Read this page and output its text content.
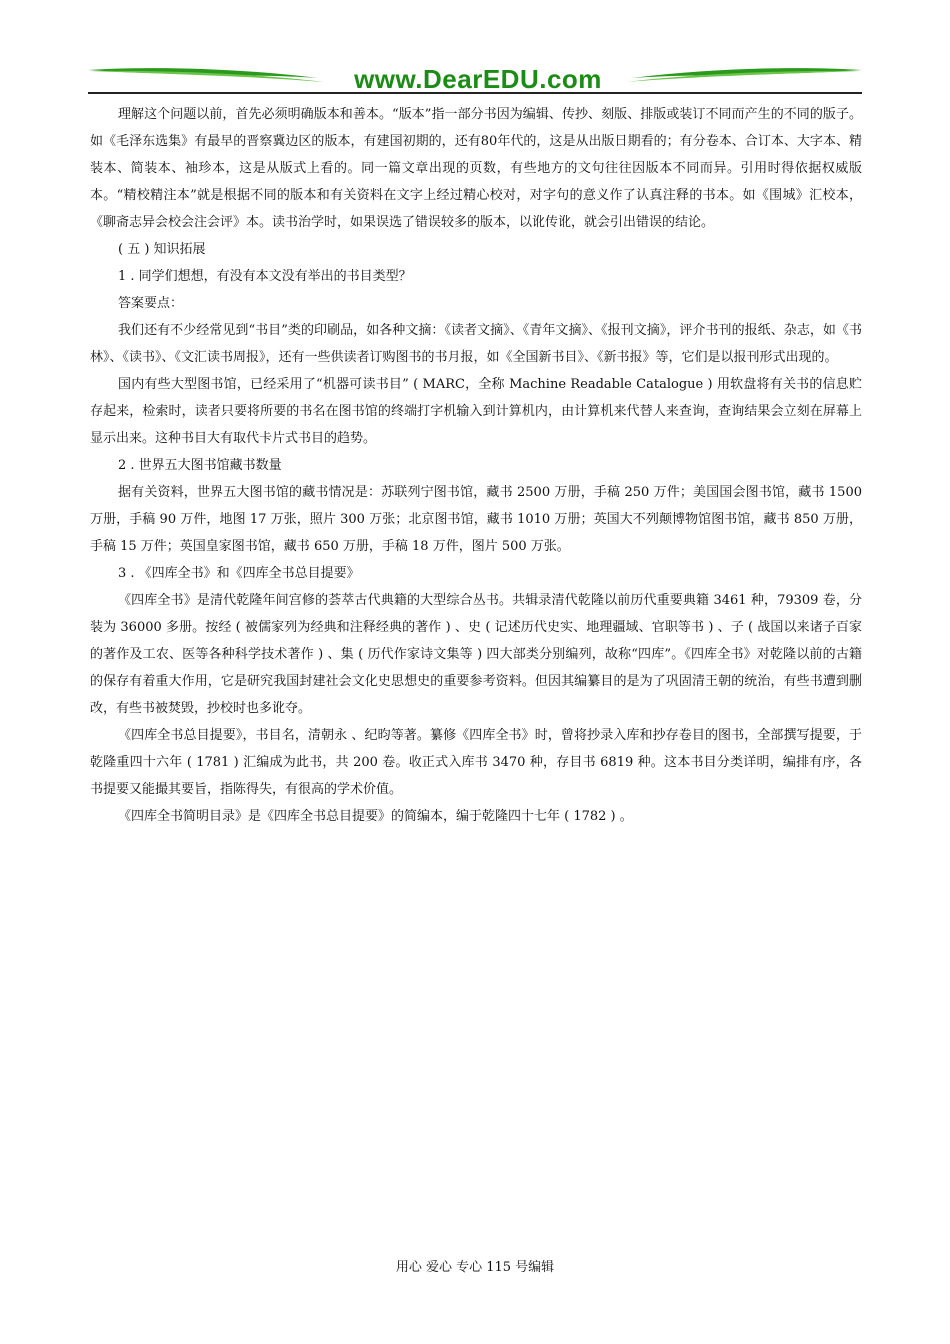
www.DearEDU.com

理解这个问题以前，首先必须明确版本和善本。“版本”指一部分书因为编辑、传抄、刻版、排版或装订不同而产生的不同的版子。如《毛泽东选集》有最早的晋察冀边区的版本，有建国初期的，还有80年代的，这是从出版日期看的；有分卷本、合订本、大字本、精装本、简装本、袖珍本，这是从版式上看的。同一篇文章出现的页数，有些地方的文句往往因版本不同而异。引用时得依据权威版本。“精校精注本”就是根据不同的版本和有关资料在文字上经过精心校对，对字句的意义作了认真注释的书本。如《围城》汇校本，《聊斋志异会校会注会评》本。读书治学时，如果误选了错误较多的版本，以讹传讹，就会引出错误的结论。

( 五 ) 知识拓展

1 . 同学们想想，有没有本文没有举出的书目类型？

答案要点：

我们还有不少经常见到“书目”类的印刷品，如各种文摘：《读者文摘》、《青年文摘》、《报刊文摘》，评介书刊的报纸、杂志，如《书林》、《读书》、《文汇读书周报》，还有一些供读者订购图书的书月报，如《全国新书目》、《新书报》等，它们是以报刊形式出现的。

国内有些大型图书馆，已经采用了“机器可读书目” ( MARC，全称 Machine Readable Catalogue ) 用软盘将有关书的信息贮存起来，检索时，读者只要将所要的书名在图书馆的终端打字机输入到计算机内，由计算机来代替人来查询，查询结果会立刻在屏幕上显示出来。这种书目大有取代卡片式书目的趋势。

2 . 世界五大图书馆藏书数量

据有关资料，世界五大图书馆的藏书情况是：苏联列宁图书馆，藏书 2500 万册，手稿 250 万件；美国国会图书馆，藏书 1500 万册，手稿 90 万件，地图 17 万张，照片 300 万张；北京图书馆，藏书 1010 万册；英国大不列颠博物馆图书馆，藏书 850 万册，手稿 15 万件；英国皇家图书馆，藏书 650 万册，手稿 18 万件，图片 500 万张。

3 . 《四库全书》和《四库全书总目提要》

《四库全书》是清代乾隆年间宫修的荟萃古代典籍的大型综合丛书。共辑录清代乾隆以前历代重要典籍 3461 种，79309 卷，分装为 36000 多册。按经 ( 被儒家列为经典和注释经典的著作 ) 、史 ( 记述历代史实、地理疆域、官职等书 ) 、子 ( 战国以来诸子百家的著作及工农、医等各种科学技术著作 ) 、集 ( 历代作家诗文集等 ) 四大部类分别编列，故称“四库”。《四库全书》对乾隆以前的古籍的保存有着重大作用，它是研究我国封建社会文化史思想史的重要参考资料。但因其编纂目的是为了巩固清王朝的统治，有些书遭到删改，有些书被焚毁，抄校时也多讹夺。

《四库全书总目提要》，书目名，清朝永 、纪昀等著。纂修《四库全书》时，曾将抄录入库和抄存卷目的图书，全部撰写提要，于乾隆重四十六年 ( 1781 ) 汇编成为此书，共 200 卷。收正式入库书 3470 种，存目书 6819 种。这本书目分类详明，编排有序，各书提要又能撮其要旨，指陈得失，有很高的学术价值。

《四库全书简明目录》是《四库全书总目提要》的简编本，编于乾隆四十七年 ( 1782 ) 。

用心 爱心 专心 115 号编辑
